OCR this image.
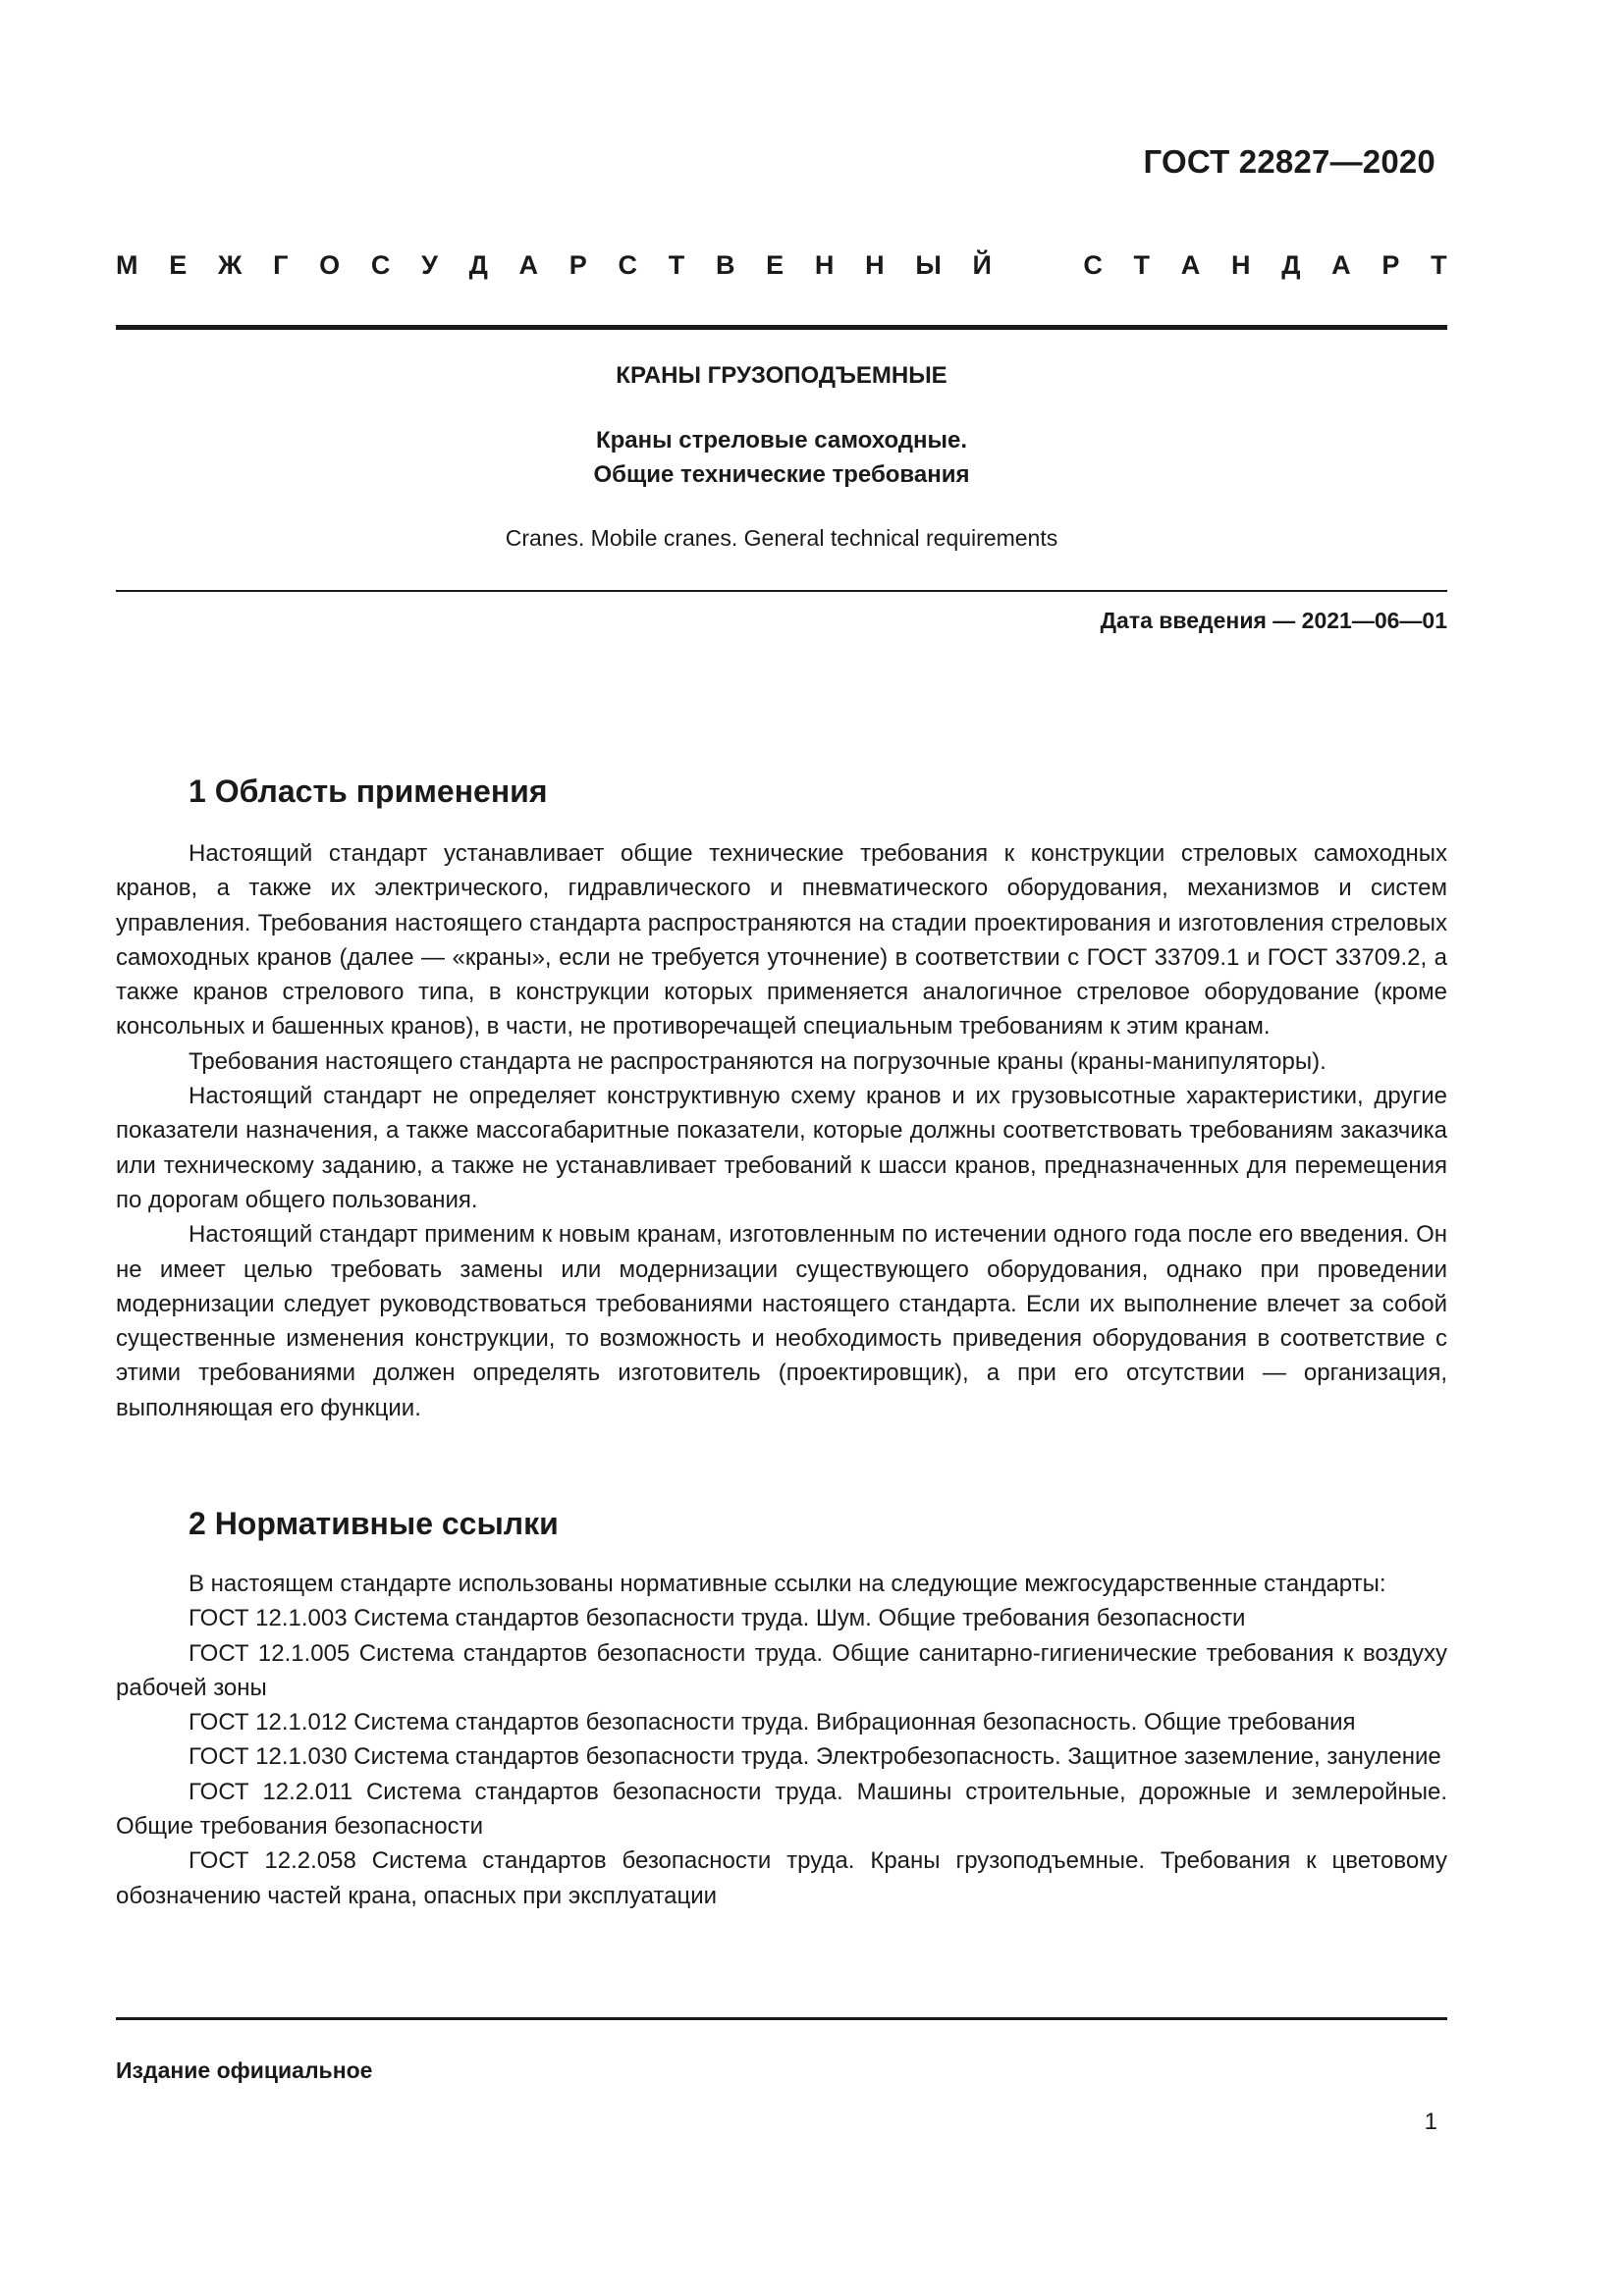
ГОСТ 22827—2020
М Е Ж Г О С У Д А Р С Т В Е Н Н Ы Й	С Т А Н Д А Р Т
КРАНЫ ГРУЗОПОДЪЕМНЫЕ
Краны стреловые самоходные.
Общие технические требования
Cranes. Mobile cranes. General technical requirements
Дата введения — 2021—06—01
1 Область применения

Настоящий стандарт устанавливает общие технические требования к конструкции стреловых самоходных кранов, а также их электрического, гидравлического и пневматического оборудования, механизмов и систем управления. Требования настоящего стандарта распространяются на стадии проектирования и изготовления стреловых самоходных кранов (далее — «краны», если не требуется уточнение) в соответствии с ГОСТ 33709.1 и ГОСТ 33709.2, а также кранов стрелового типа, в конструкции которых применяется аналогичное стреловое оборудование (кроме консольных и башенных кранов), в части, не противоречащей специальным требованиям к этим кранам.

Требования настоящего стандарта не распространяются на погрузочные краны (краны-манипуляторы).

Настоящий стандарт не определяет конструктивную схему кранов и их грузовысотные характеристики, другие показатели назначения, а также массогабаритные показатели, которые должны соответствовать требованиям заказчика или техническому заданию, а также не устанавливает требований к шасси кранов, предназначенных для перемещения по дорогам общего пользования.

Настоящий стандарт применим к новым кранам, изготовленным по истечении одного года после его введения. Он не имеет целью требовать замены или модернизации существующего оборудования, однако при проведении модернизации следует руководствоваться требованиями настоящего стандарта. Если их выполнение влечет за собой существенные изменения конструкции, то возможность и необходимость приведения оборудования в соответствие с этими требованиями должен определять изготовитель (проектировщик), а при его отсутствии — организация, выполняющая его функции.

2 Нормативные ссылки

В настоящем стандарте использованы нормативные ссылки на следующие межгосударственные стандарты:

ГОСТ 12.1.003 Система стандартов безопасности труда. Шум. Общие требования безопасности

ГОСТ 12.1.005 Система стандартов безопасности труда. Общие санитарно-гигиенические требования к воздуху рабочей зоны

ГОСТ 12.1.012 Система стандартов безопасности труда. Вибрационная безопасность. Общие требования

ГОСТ 12.1.030 Система стандартов безопасности труда. Электробезопасность. Защитное заземление, зануление

ГОСТ 12.2.011 Система стандартов безопасности труда. Машины строительные, дорожные и землеройные. Общие требования безопасности

ГОСТ 12.2.058 Система стандартов безопасности труда. Краны грузоподъемные. Требования к цветовому обозначению частей крана, опасных при эксплуатации

Издание официальное
1
